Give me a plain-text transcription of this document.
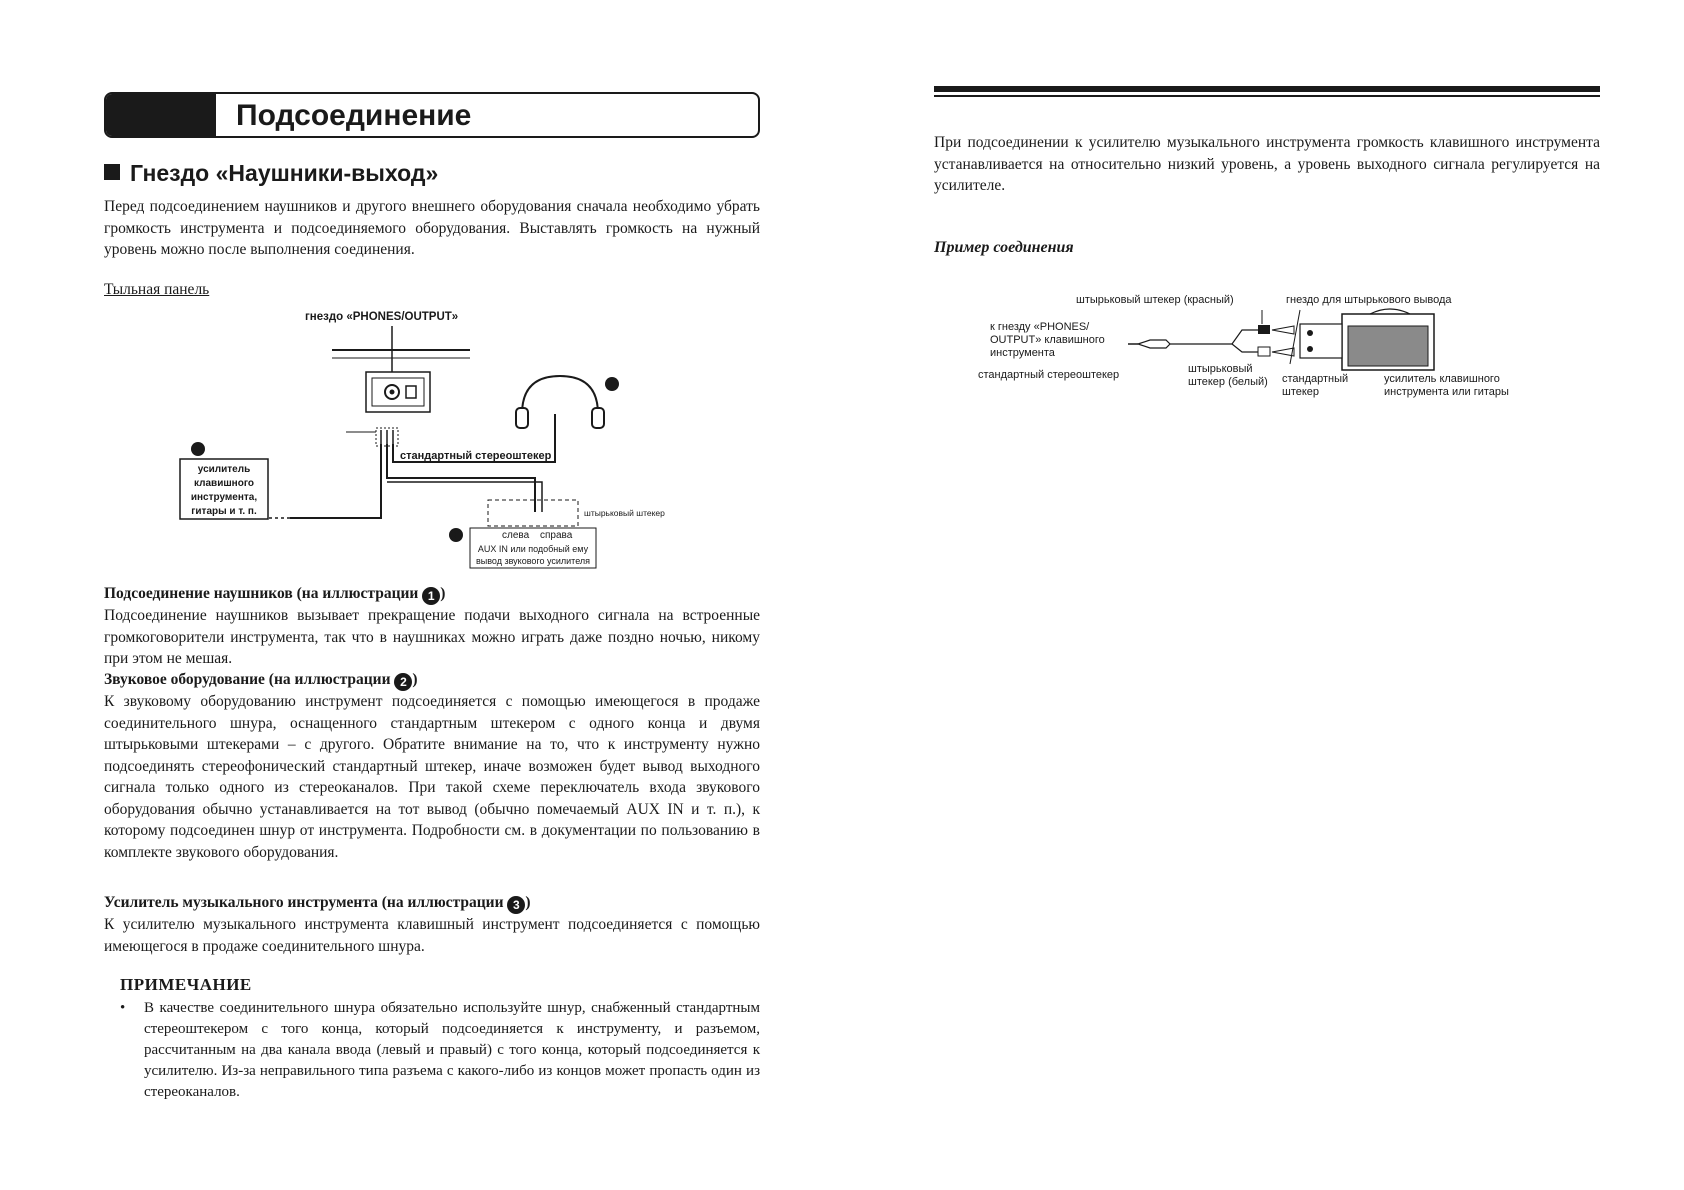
Подсоединение
Гнездо «Наушники-выход»

Перед подсоединением наушников и другого внешнего оборудования сначала необходимо убрать громкость инструмента и подсоединяемого оборудования. Выставлять громкость на нужный уровень можно после выполнения соединения.

Тыльная панель
гнездо «PHONES/OUTPUT»
стандартный стереоштекер
1
штырьковый штекер
слева справа
AUX IN или подобный ему
вывод звукового усилителя
2
3
усилитель
клавишного
инструмента,
гитары и т. п.
Подсоединение наушников (на иллюстрации 1 )

Подсоединение наушников вызывает прекращение подачи выходного сигнала на встроенные громкоговорители инструмента, так что в наушниках можно играть даже поздно ночью, никому при этом не мешая.

Звуковое оборудование (на иллюстрации 2 )

К звуковому оборудованию инструмент подсоединяется с помощью имеющегося в продаже соединительного шнура, оснащенного стандартным штекером с одного конца и двумя штырьковыми штекерами – с другого. Обратите внимание на то, что к инструменту нужно подсоединять стереофонический стандартный штекер, иначе возможен будет вывод выходного сигнала только одного из стереоканалов. При такой схеме переключатель входа звукового оборудования обычно устанавливается на тот вывод (обычно помечаемый AUX IN и т. п.), к которому подсоединен шнур от инструмента. Подробности см. в документации по пользованию в комплекте звукового оборудования.

Усилитель музыкального инструмента (на иллюстрации 3 )

К усилителю музыкального инструмента клавишный инструмент подсоединяется с помощью имеющегося в продаже соединительного шнура.

ПРИМЕЧАНИЕ
• В качестве соединительного шнура обязательно используйте шнур, снабженный стандартным стереоштекером с того конца, который подсоединяется к инструменту, и разъемом, рассчитанным на два канала ввода (левый и правый) с того конца, который подсоединяется к усилителю. Из-за неправильного типа разъема с какого-либо из концов может пропасть один из стереоканалов.

При подсоединении к усилителю музыкального инструмента громкость клавишного инструмента устанавливается на относительно низкий уровень, а уровень выходного сигнала регулируется на усилителе.

Пример соединения
штырьковый штекер (красный)	гнездо для штырькового вывода
к гнезду «PHONES/
OUTPUT» клавишного
инструмента
стандартный стереоштекер	штырьковый
штекер (белый) стандартный
штекер
усилитель клавишного
инструмента или гитары
